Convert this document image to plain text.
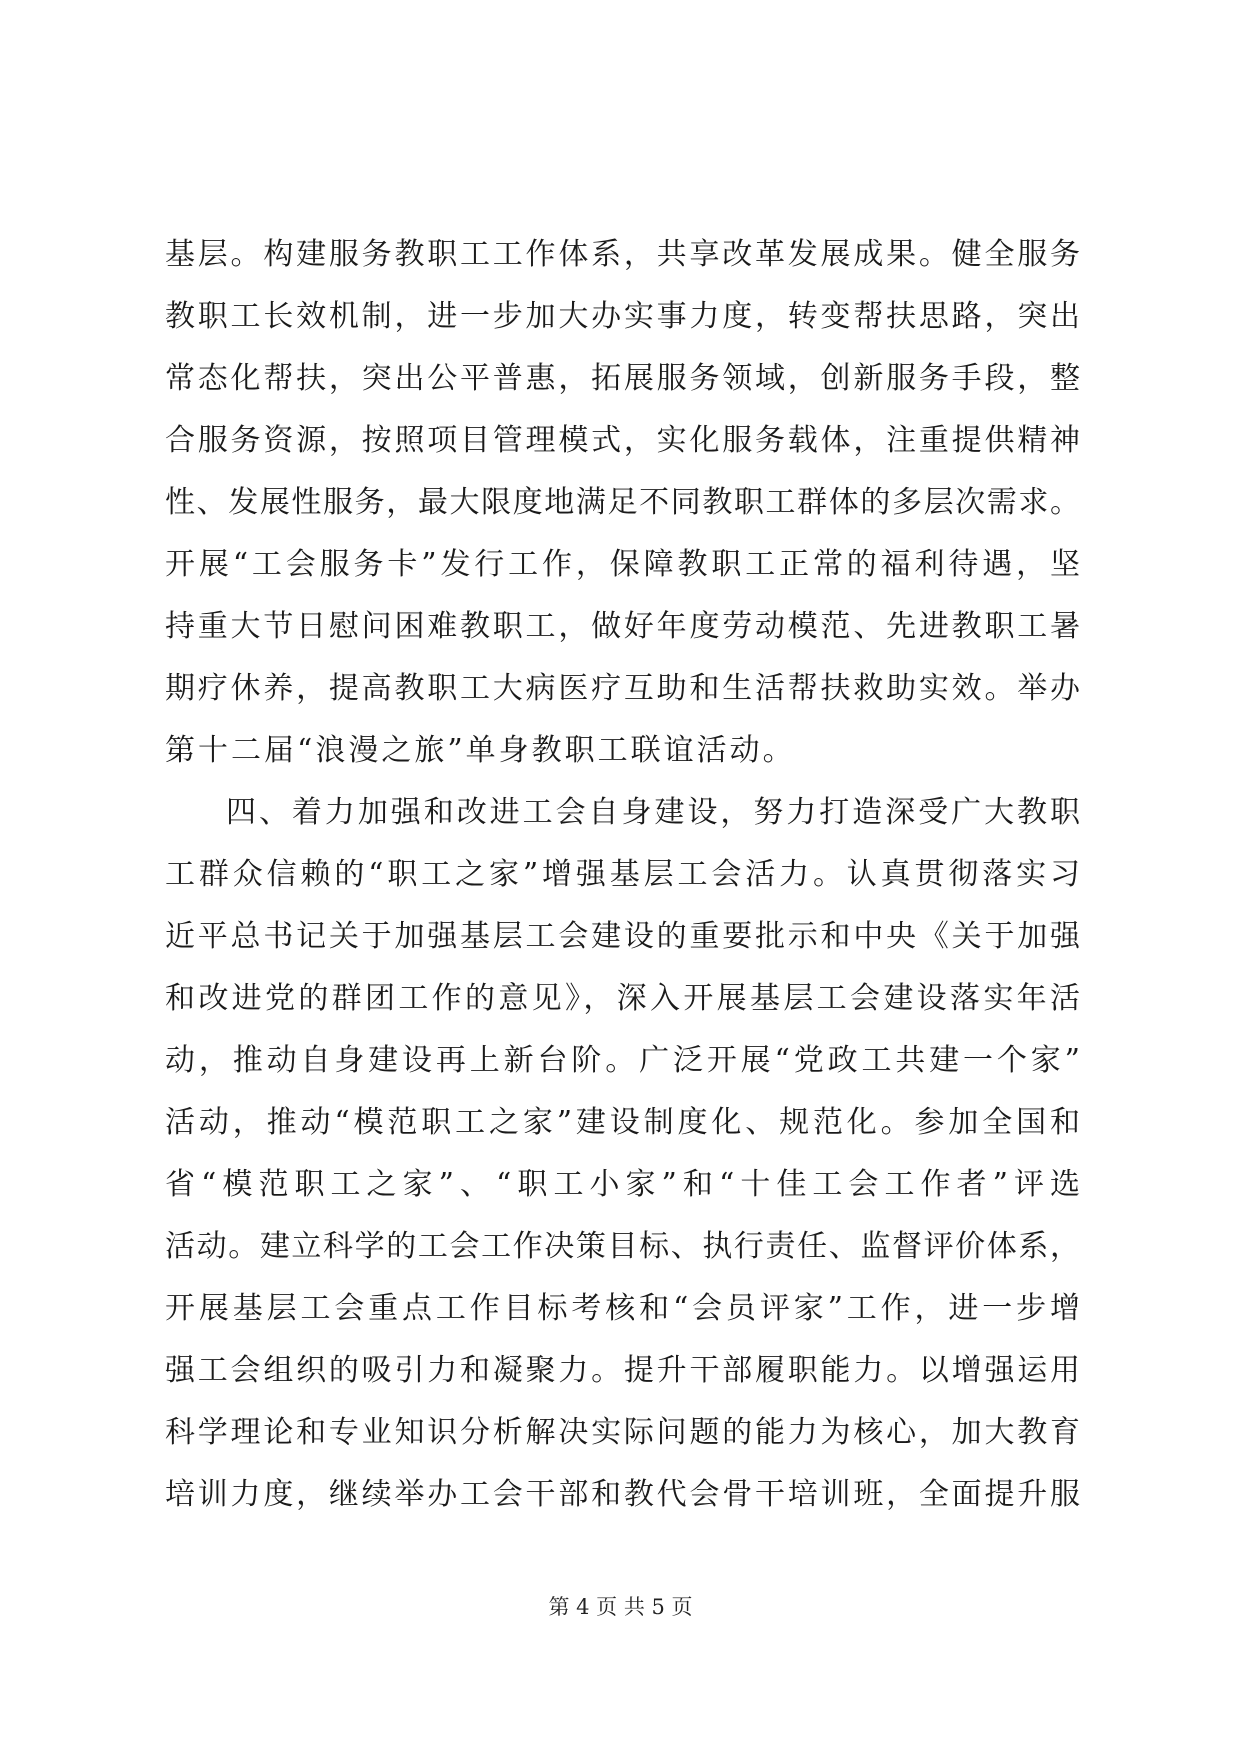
基层。构建服务教职工工作体系，共享改革发展成果。健全服务
教职工长效机制，进一步加大办实事力度，转变帮扶思路，突出
常态化帮扶，突出公平普惠，拓展服务领域，创新服务手段，整
合服务资源，按照项目管理模式，实化服务载体，注重提供精神
性、发展性服务，最大限度地满足不同教职工群体的多层次需求。
开展“工会服务卡”发行工作，保障教职工正常的福利待遇，坚
持重大节日慰问困难教职工，做好年度劳动模范、先进教职工暑
期疗休养，提高教职工大病医疗互助和生活帮扶救助实效。举办
第十二届“浪漫之旅”单身教职工联谊活动。
四、着力加强和改进工会自身建设，努力打造深受广大教职
工群众信赖的“职工之家”增强基层工会活力。认真贯彻落实习
近平总书记关于加强基层工会建设的重要批示和中央《关于加强
和改进党的群团工作的意见》，深入开展基层工会建设落实年活
动，推动自身建设再上新台阶。广泛开展“党政工共建一个家”
活动，推动“模范职工之家”建设制度化、规范化。参加全国和
省“模范职工之家”、“职工小家”和“十佳工会工作者”评选
活动。建立科学的工会工作决策目标、执行责任、监督评价体系，
开展基层工会重点工作目标考核和“会员评家”工作，进一步增
强工会组织的吸引力和凝聚力。提升干部履职能力。以增强运用
科学理论和专业知识分析解决实际问题的能力为核心，加大教育
培训力度，继续举办工会干部和教代会骨干培训班，全面提升服
第 4 页 共 5 页
